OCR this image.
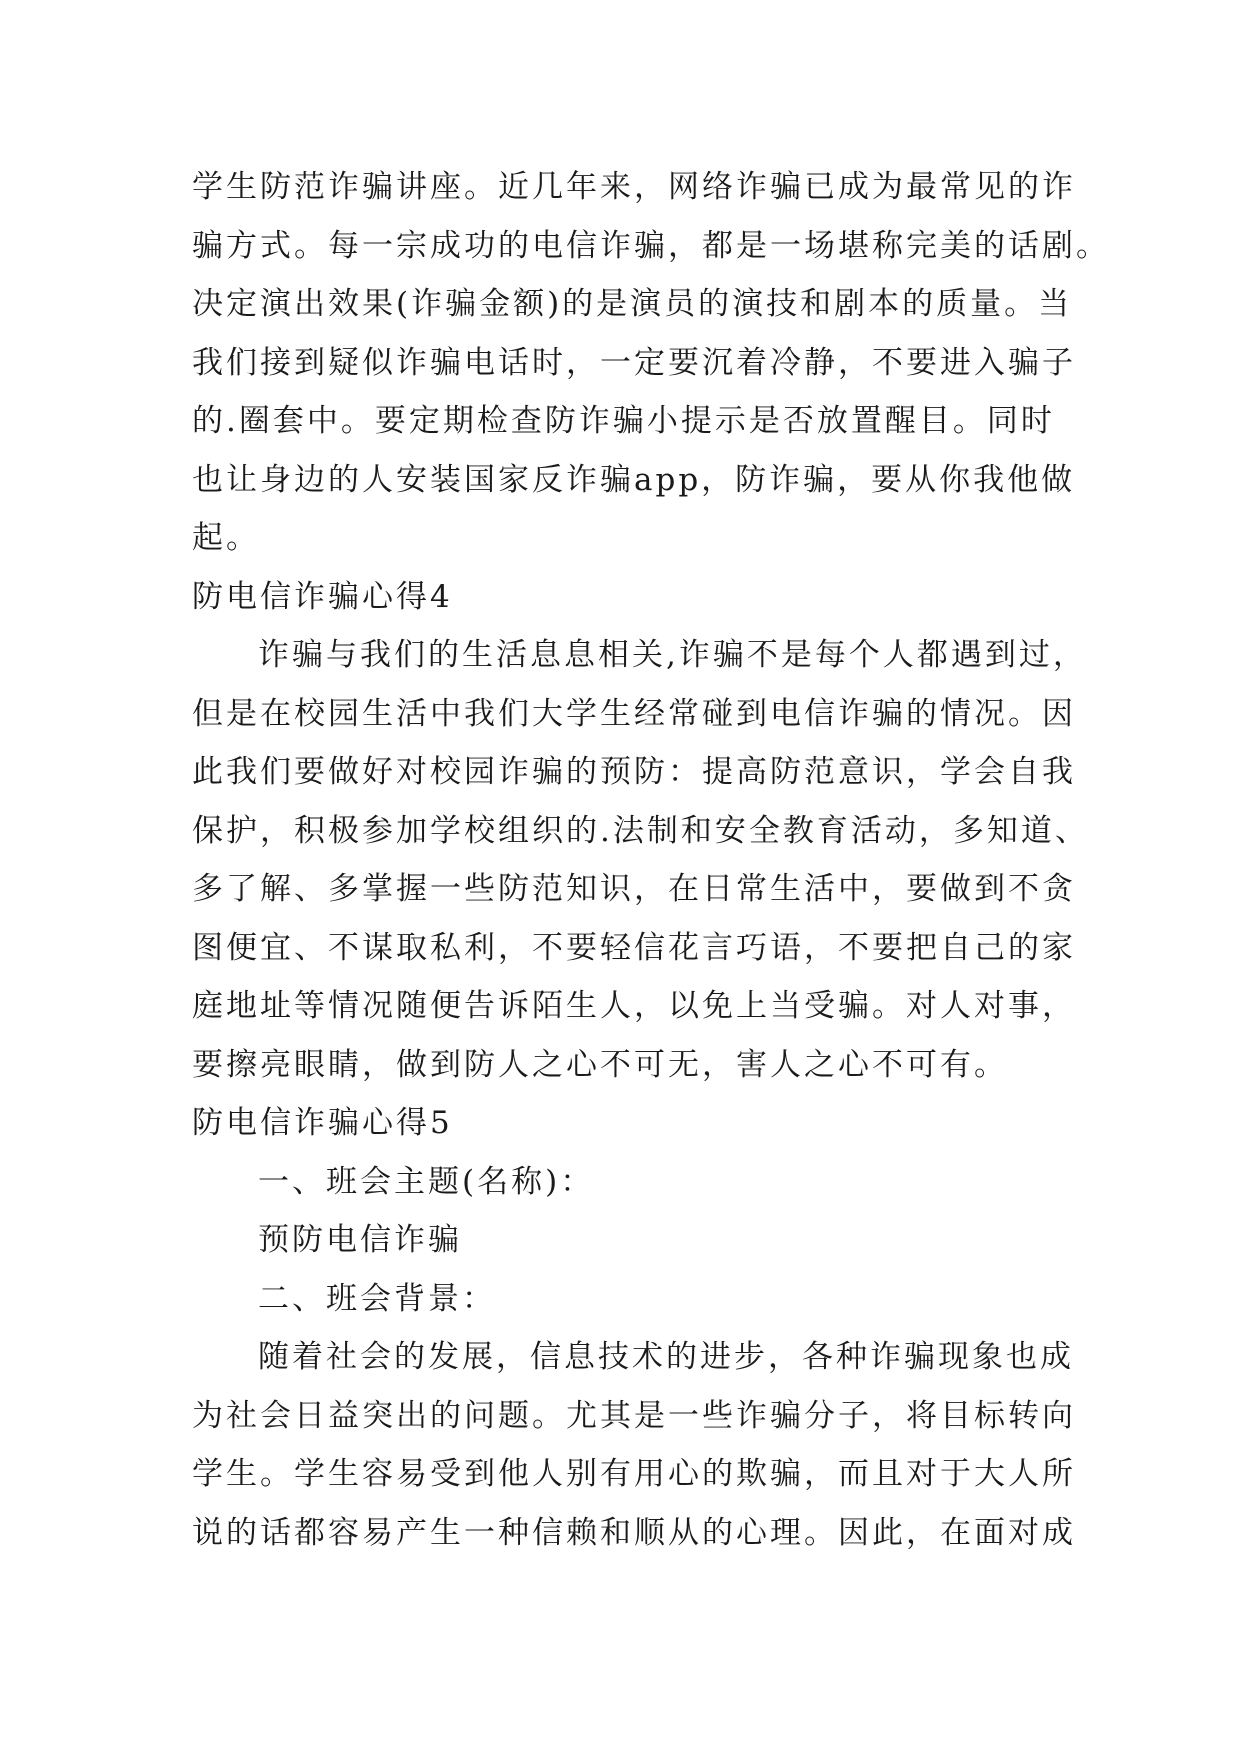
学生防范诈骗讲座。近几年来，网络诈骗已成为最常见的诈
骗方式。每一宗成功的电信诈骗，都是一场堪称完美的话剧。
决定演出效果(诈骗金额)的是演员的演技和剧本的质量。当
我们接到疑似诈骗电话时，一定要沉着冷静，不要进入骗子
的.圈套中。要定期检查防诈骗小提示是否放置醒目。同时
也让身边的人安装国家反诈骗app，防诈骗，要从你我他做
起。
防电信诈骗心得4
诈骗与我们的生活息息相关,诈骗不是每个人都遇到过，
但是在校园生活中我们大学生经常碰到电信诈骗的情况。因
此我们要做好对校园诈骗的预防：提高防范意识，学会自我
保护，积极参加学校组织的.法制和安全教育活动，多知道、
多了解、多掌握一些防范知识，在日常生活中，要做到不贪
图便宜、不谋取私利，不要轻信花言巧语，不要把自己的家
庭地址等情况随便告诉陌生人，以免上当受骗。对人对事，
要擦亮眼睛，做到防人之心不可无，害人之心不可有。
防电信诈骗心得5
一、班会主题(名称)：
预防电信诈骗
二、班会背景：
随着社会的发展，信息技术的进步，各种诈骗现象也成
为社会日益突出的问题。尤其是一些诈骗分子，将目标转向
学生。学生容易受到他人别有用心的欺骗，而且对于大人所
说的话都容易产生一种信赖和顺从的心理。因此，在面对成
